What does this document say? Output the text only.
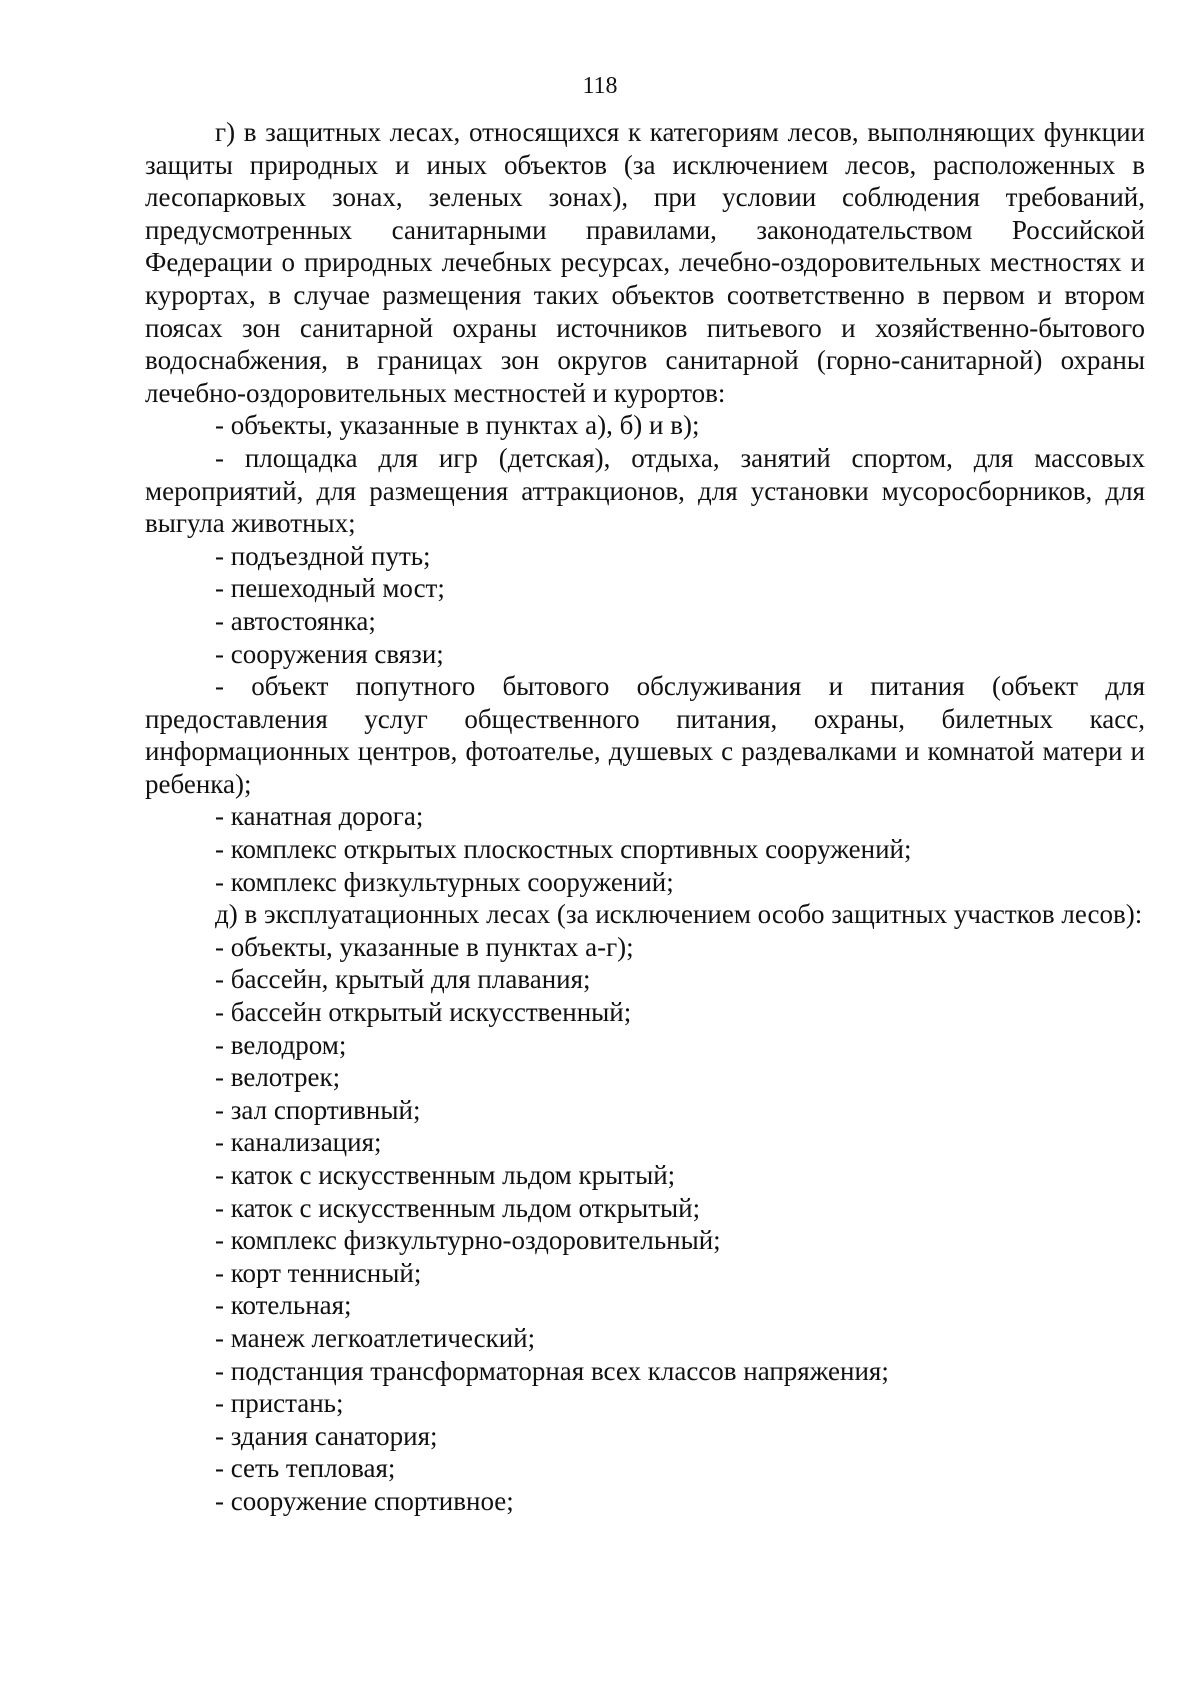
118

г) в защитных лесах, относящихся к категориям лесов, выполняющих функции защиты природных и иных объектов (за исключением лесов, расположенных в лесопарковых зонах, зеленых зонах), при условии соблюдения требований, предусмотренных санитарными правилами, законодательством Российской Федерации о природных лечебных ресурсах, лечебно-оздоровительных местностях и курортах, в случае размещения таких объектов соответственно в первом и втором поясах зон санитарной охраны источников питьевого и хозяйственно-бытового водоснабжения, в границах зон округов санитарной (горно-санитарной) охраны лечебно-оздоровительных местностей и курортов:

- объекты, указанные в пунктах а), б) и в);

- площадка для игр (детская), отдыха, занятий спортом, для массовых мероприятий, для размещения аттракционов, для установки мусоросборников, для выгула животных;

- подъездной путь;

- пешеходный мост;

- автостоянка;

- сооружения связи;

- объект попутного бытового обслуживания и питания (объект для предоставления услуг общественного питания, охраны, билетных касс, информационных центров, фотоателье, душевых с раздевалками и комнатой матери и ребенка);

- канатная дорога;

- комплекс открытых плоскостных спортивных сооружений;

- комплекс физкультурных сооружений;

д) в эксплуатационных лесах (за исключением особо защитных участков лесов):

- объекты, указанные в пунктах а-г);

- бассейн, крытый для плавания;

- бассейн открытый искусственный;

- велодром;

- велотрек;

- зал спортивный;

- канализация;

- каток с искусственным льдом крытый;

- каток с искусственным льдом открытый;

- комплекс физкультурно-оздоровительный;

- корт теннисный;

- котельная;

- манеж легкоатлетический;

- подстанция трансформаторная всех классов напряжения;

- пристань;

- здания санатория;

- сеть тепловая;

- сооружение спортивное;
